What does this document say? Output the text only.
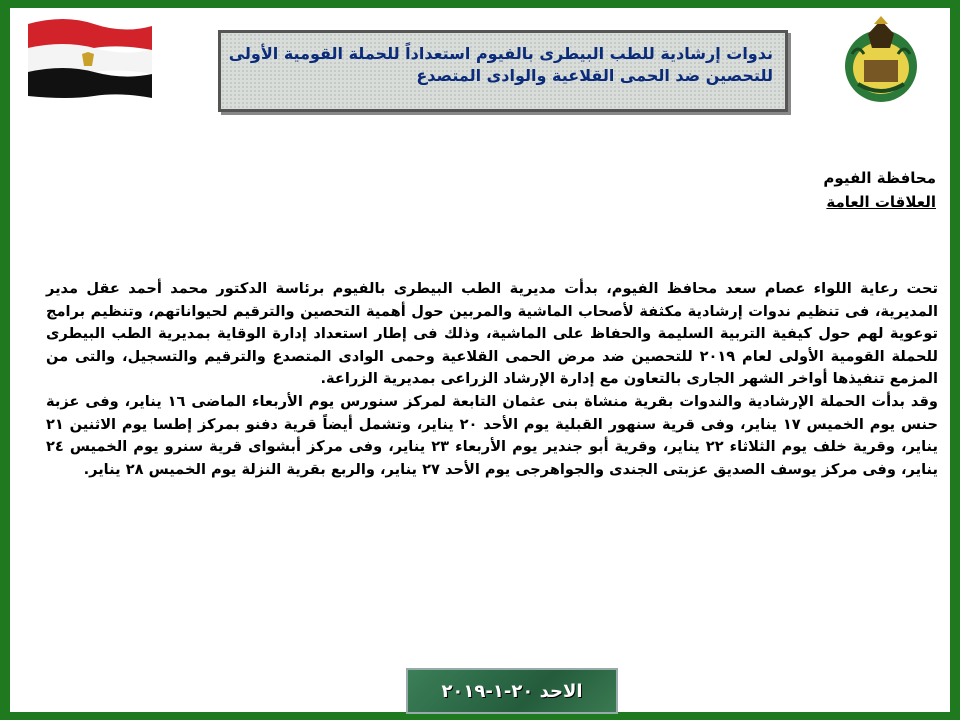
ندوات إرشادية للطب البيطرى بالفيوم استعداداً للحملة القومية الأولى
للتحصين ضد الحمى القلاعية والوادى المتصدع
محافظة الفيوم
العلاقات العامة
تحت رعاية اللواء عصام سعد محافظ الفيوم، بدأت مديرية الطب البيطرى بالفيوم برئاسة الدكتور محمد أحمد عقل مدير المديرية، فى تنظيم ندوات إرشادية مكثفة لأصحاب الماشية والمربين حول أهمية التحصين والترقيم لحيواناتهم، وتنظيم برامج توعوية لهم حول كيفية التربية السليمة والحفاظ على الماشية، وذلك فى إطار استعداد إدارة الوقاية بمديرية الطب البيطرى للحملة القومية الأولى لعام ٢٠١٩ للتحصين ضد مرض الحمى القلاعية وحمى الوادى المتصدع والترقيم والتسجيل، والتى من المزمع تنفيذها أواخر الشهر الجارى بالتعاون مع إدارة الإرشاد الزراعى بمديرية الزراعة.
وقد بدأت الحملة الإرشادية والندوات بقرية منشاة بنى عثمان التابعة لمركز سنورس يوم الأربعاء الماضى ١٦ يناير، وفى عزبة حنس يوم الخميس ١٧ يناير، وفى قرية سنهور القبلية يوم الأحد ٢٠ يناير، وتشمل أيضاً قرية دفنو بمركز إطسا يوم الاثنين ٢١ يناير، وقرية خلف يوم الثلاثاء ٢٢ يناير، وقرية أبو جندير يوم الأربعاء ٢٣ يناير، وفى مركز أبشواى قرية سنرو يوم الخميس ٢٤ يناير، وفى مركز يوسف الصديق عزبتى الجندى والجواهرجى يوم الأحد ٢٧ يناير، والربع بقرية النزلة يوم الخميس ٢٨ يناير.
الاحد ٢٠-١-٢٠١٩
